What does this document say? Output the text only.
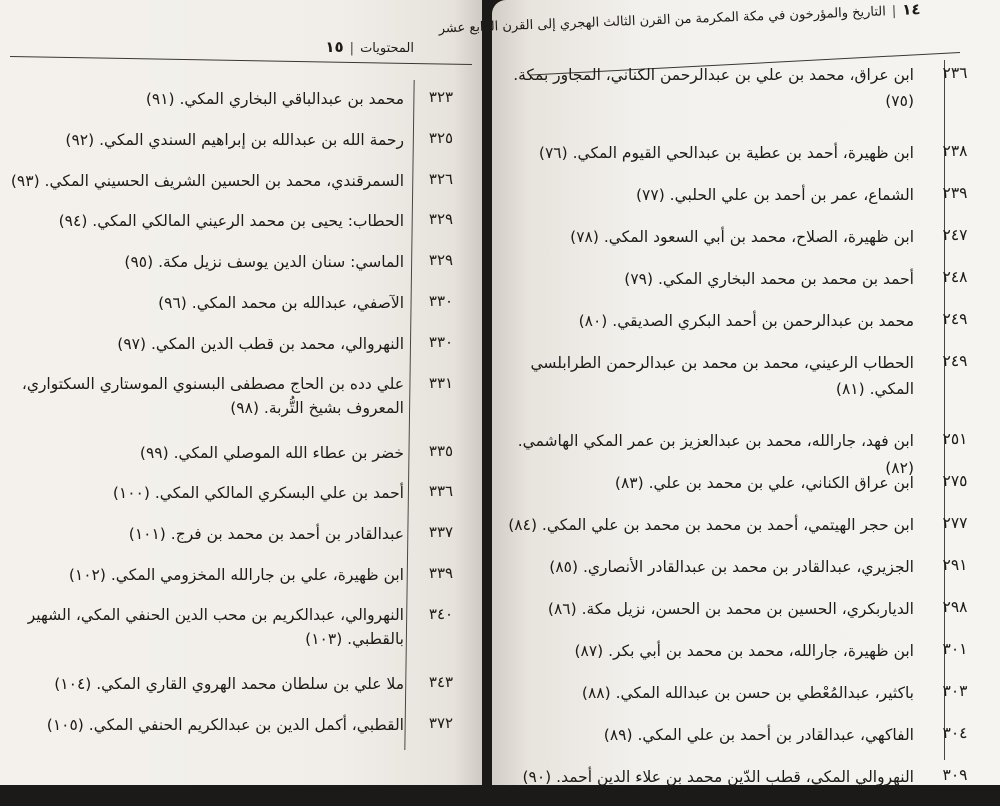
المحتويات|١٥
٣٢٣
محمد بن عبدالباقي البخاري المكي. (٩١)
٣٢٥
رحمة الله بن عبدالله بن إبراهيم السندي المكي. (٩٢)
٣٢٦
السمرقندي، محمد بن الحسين الشريف الحسيني المكي. (٩٣)
٣٢٩
الحطاب: يحيى بن محمد الرعيني المالكي المكي. (٩٤)
٣٢٩
الماسي: سنان الدين يوسف نزيل مكة. (٩٥)
٣٣٠
الآصفي، عبدالله بن محمد المكي. (٩٦)
٣٣٠
النهروالي، محمد بن قطب الدين المكي. (٩٧)
٣٣١
علي دده بن الحاج مصطفى البسنوي الموستاري السكتواري، المعروف بشيخ التُّربة. (٩٨)
٣٣٥
خضر بن عطاء الله الموصلي المكي. (٩٩)
٣٣٦
أحمد بن علي البسكري المالكي المكي. (١٠٠)
٣٣٧
عبدالقادر بن أحمد بن محمد بن فرج. (١٠١)
٣٣٩
ابن ظهيرة، علي بن جارالله المخزومي المكي. (١٠٢)
٣٤٠
النهروالي، عبدالكريم بن محب الدين الحنفي المكي، الشهير بالقطبي. (١٠٣)
٣٤٣
ملا علي بن سلطان محمد الهروي القاري المكي. (١٠٤)
٣٧٢
القطبي، أكمل الدين بن عبدالكريم الحنفي المكي. (١٠٥)
١٤|التاريخ والمؤرخون في مكة المكرمة من القرن الثالث الهجري إلى القرن الرابع عشر
٢٣٦
ابن عراق، محمد بن علي بن عبدالرحمن الكناني، المجاور بمكة. (٧٥)
٢٣٨
ابن ظهيرة، أحمد بن عطية بن عبدالحي القيوم المكي. (٧٦)
٢٣٩
الشماع، عمر بن أحمد بن علي الحلبي. (٧٧)
٢٤٧
ابن ظهيرة، الصلاح، محمد بن أبي السعود المكي. (٧٨)
٢٤٨
أحمد بن محمد بن محمد البخاري المكي. (٧٩)
٢٤٩
محمد بن عبدالرحمن بن أحمد البكري الصديقي. (٨٠)
٢٤٩
الحطاب الرعيني، محمد بن محمد بن عبدالرحمن الطرابلسي المكي. (٨١)
٢٥١
ابن فهد، جارالله، محمد بن عبدالعزيز بن عمر المكي الهاشمي. (٨٢)
٢٧٥
ابن عراق الكناني، علي بن محمد بن علي. (٨٣)
٢٧٧
ابن حجر الهيتمي، أحمد بن محمد بن محمد بن علي المكي. (٨٤)
٢٩١
الجزيري، عبدالقادر بن محمد بن عبدالقادر الأنصاري. (٨٥)
٢٩٨
الدياربكري، الحسين بن محمد بن الحسن، نزيل مكة. (٨٦)
٣٠١
ابن ظهيرة، جارالله، محمد بن محمد بن أبي بكر. (٨٧)
٣٠٣
باكثير، عبدالمُعْطي بن حسن بن عبدالله المكي. (٨٨)
٣٠٤
الفاكهي، عبدالقادر بن أحمد بن علي المكي. (٨٩)
٣٠٩
النهروالي المكي، قطب الدّين محمد بن علاء الدين أحمد. (٩٠)
